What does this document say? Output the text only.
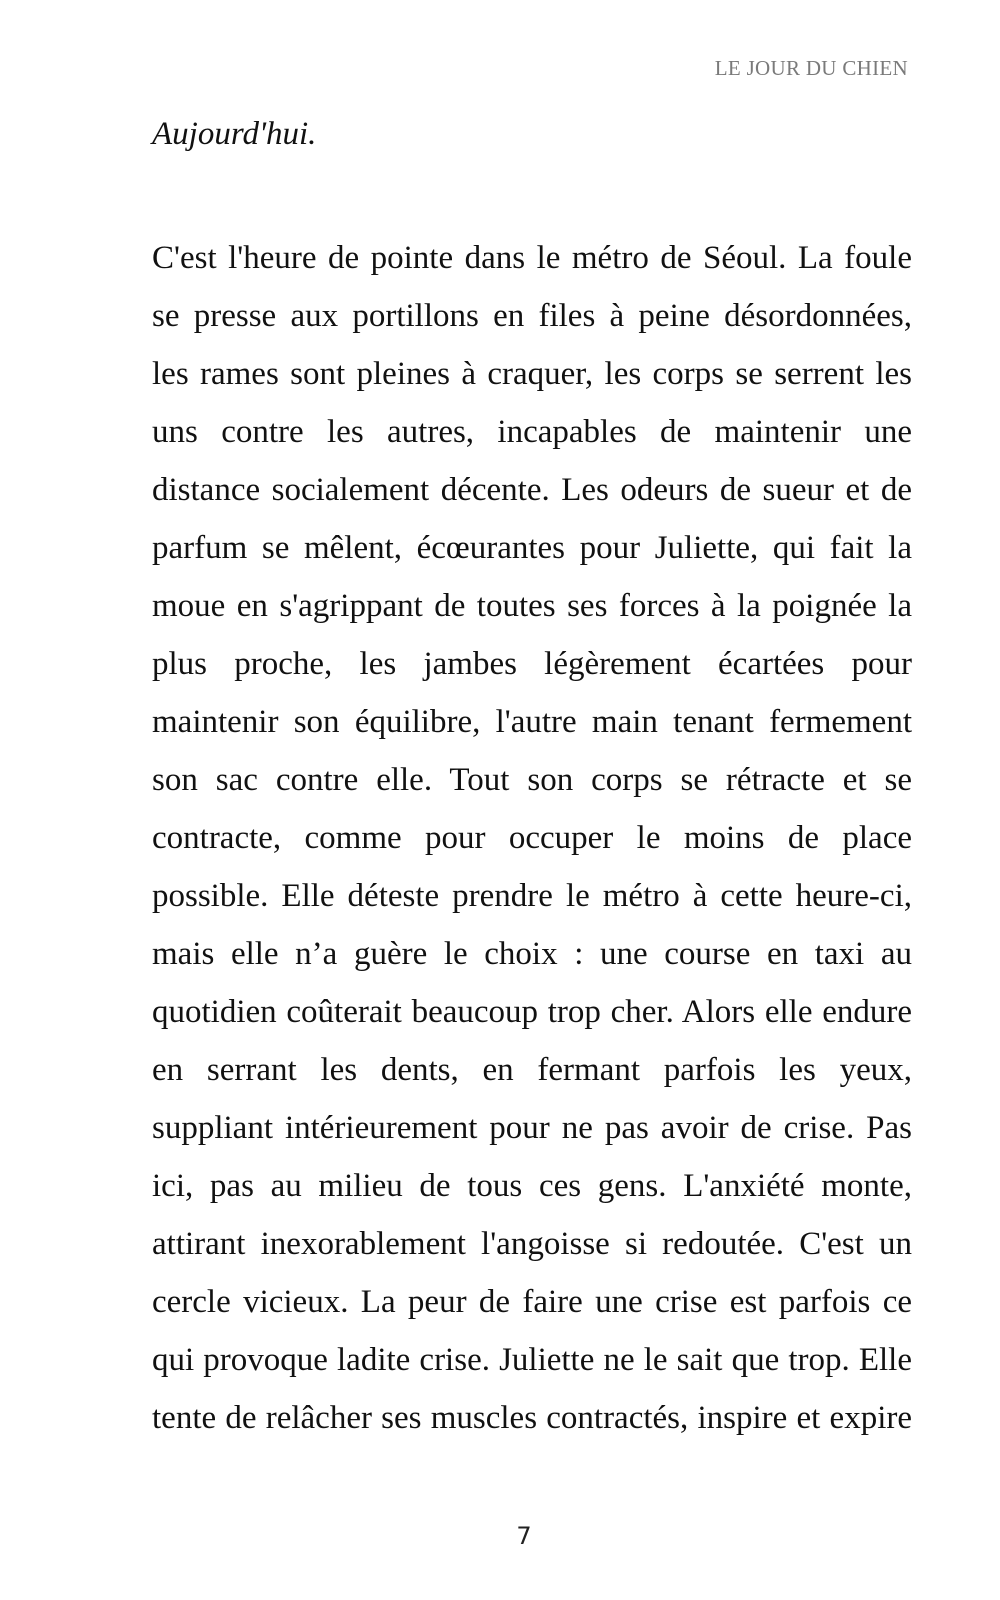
LE JOUR DU CHIEN
Aujourd'hui.
C'est l'heure de pointe dans le métro de Séoul. La foule
se presse aux portillons en files à peine désordonnées,
les rames sont pleines à craquer, les corps se serrent les
uns contre les autres, incapables de maintenir une
distance socialement décente. Les odeurs de sueur et de
parfum se mêlent, écœurantes pour Juliette, qui fait la
moue en s'agrippant de toutes ses forces à la poignée la
plus proche, les jambes légèrement écartées pour
maintenir son équilibre, l'autre main tenant fermement
son sac contre elle. Tout son corps se rétracte et se
contracte, comme pour occuper le moins de place
possible. Elle déteste prendre le métro à cette heure-ci,
mais elle n’a guère le choix : une course en taxi au
quotidien coûterait beaucoup trop cher. Alors elle endure
en serrant les dents, en fermant parfois les yeux,
suppliant intérieurement pour ne pas avoir de crise. Pas
ici, pas au milieu de tous ces gens. L'anxiété monte,
attirant inexorablement l'angoisse si redoutée. C'est un
cercle vicieux. La peur de faire une crise est parfois ce
qui provoque ladite crise. Juliette ne le sait que trop. Elle
tente de relâcher ses muscles contractés, inspire et expire
7
